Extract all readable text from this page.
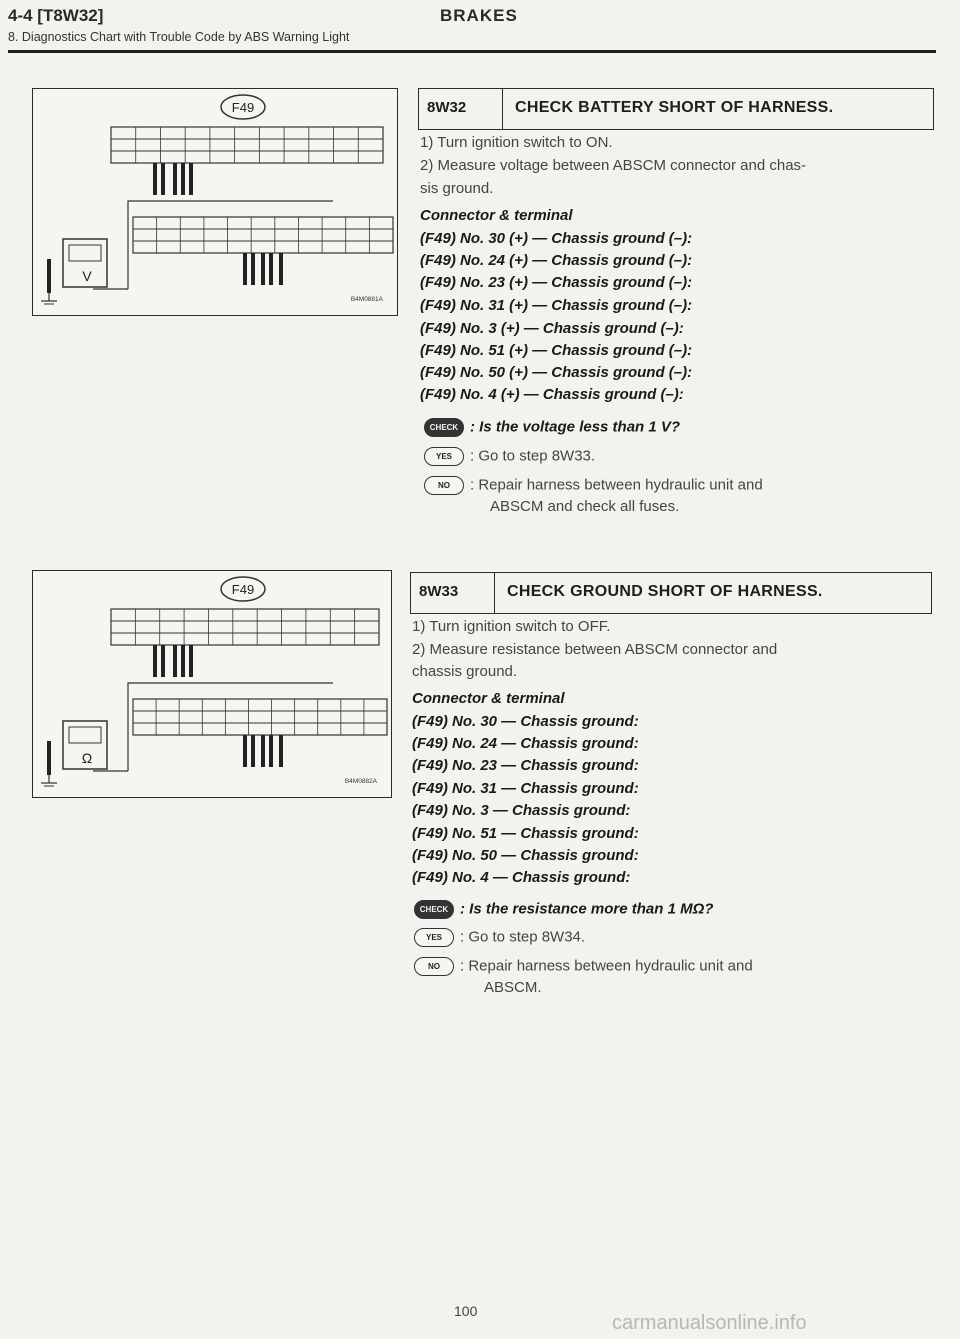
4-4 [T8W32]	BRAKES
8. Diagnostics Chart with Trouble Code by ABS Warning Light
F49
V
B4M0881A
8W32	CHECK BATTERY SHORT OF HARNESS.
1) Turn ignition switch to ON.
2) Measure voltage between ABSCM connector and chas-
sis ground.
Connector & terminal
(F49) No. 30 (+) — Chassis ground (–):
(F49) No. 24 (+) — Chassis ground (–):
(F49) No. 23 (+) — Chassis ground (–):
(F49) No. 31 (+) — Chassis ground (–):
(F49) No. 3 (+) — Chassis ground (–):
(F49) No. 51 (+) — Chassis ground (–):
(F49) No. 50 (+) — Chassis ground (–):
(F49) No. 4 (+) — Chassis ground (–):
CHECK : Is the voltage less than 1 V?
YES : Go to step 8W33.
NO : Repair harness between hydraulic unit and
ABSCM and check all fuses.
F49
Ω
B4M0882A
8W33	CHECK GROUND SHORT OF HARNESS.
1) Turn ignition switch to OFF.
2) Measure resistance between ABSCM connector and
chassis ground.
Connector & terminal
(F49) No. 30 — Chassis ground:
(F49) No. 24 — Chassis ground:
(F49) No. 23 — Chassis ground:
(F49) No. 31 — Chassis ground:
(F49) No. 3 — Chassis ground:
(F49) No. 51 — Chassis ground:
(F49) No. 50 — Chassis ground:
(F49) No. 4 — Chassis ground:
CHECK : Is the resistance more than 1 MΩ?
YES : Go to step 8W34.
NO : Repair harness between hydraulic unit and
ABSCM.
100
carmanualsonline.info
